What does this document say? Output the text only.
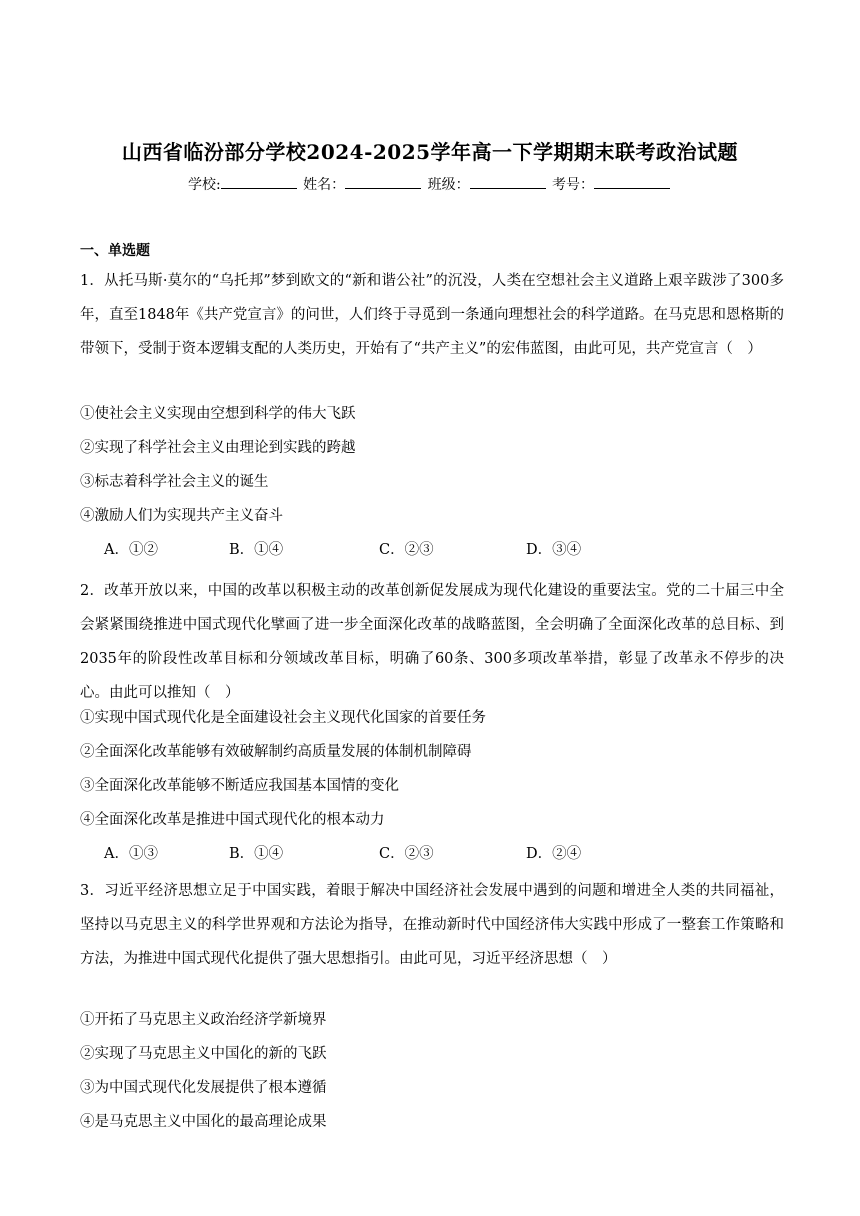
山西省临汾部分学校2024-2025学年高一下学期期末联考政治试题
学校:	姓名：	班级：	考号：
一、单选题
1．从托马斯·莫尔的“乌托邦”梦到欧文的“新和谐公社”的沉没，人类在空想社会主义道路上艰辛跋涉了300多年，直至1848年《共产党宣言》的问世，人们终于寻觅到一条通向理想社会的科学道路。在马克思和恩格斯的带领下，受制于资本逻辑支配的人类历史，开始有了“共产主义”的宏伟蓝图，由此可见，共产党宣言（　）
①使社会主义实现由空想到科学的伟大飞跃
②实现了科学社会主义由理论到实践的跨越
③标志着科学社会主义的诞生
④激励人们为实现共产主义奋斗
A．①②	B．①④	C．②③	D．③④
2．改革开放以来，中国的改革以积极主动的改革创新促发展成为现代化建设的重要法宝。党的二十届三中全会紧紧围绕推进中国式现代化擘画了进一步全面深化改革的战略蓝图，全会明确了全面深化改革的总目标、到2035年的阶段性改革目标和分领域改革目标，明确了60条、300多项改革举措，彰显了改革永不停步的决心。由此可以推知（　）
①实现中国式现代化是全面建设社会主义现代化国家的首要任务
②全面深化改革能够有效破解制约高质量发展的体制机制障碍
③全面深化改革能够不断适应我国基本国情的变化
④全面深化改革是推进中国式现代化的根本动力
A．①③	B．①④	C．②③	D．②④
3．习近平经济思想立足于中国实践，着眼于解决中国经济社会发展中遇到的问题和增进全人类的共同福祉，坚持以马克思主义的科学世界观和方法论为指导，在推动新时代中国经济伟大实践中形成了一整套工作策略和方法，为推进中国式现代化提供了强大思想指引。由此可见，习近平经济思想（　）
①开拓了马克思主义政治经济学新境界
②实现了马克思主义中国化的新的飞跃
③为中国式现代化发展提供了根本遵循
④是马克思主义中国化的最高理论成果
